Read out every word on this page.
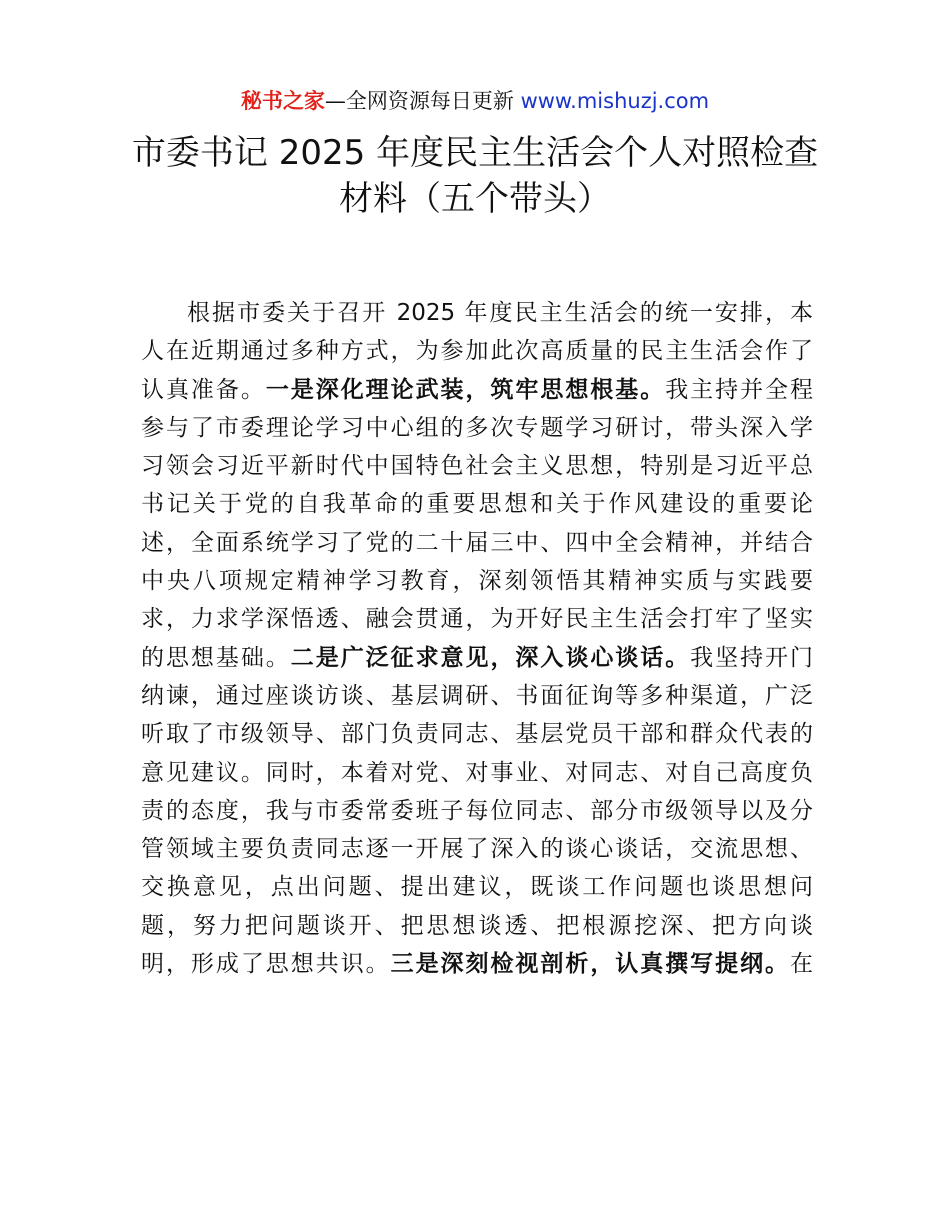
秘书之家—全网资源每日更新 www.mishuzj.com
市委书记 2025 年度民主生活会个人对照检查
材料（五个带头）
根据市委关于召开 2025 年度民主生活会的统一安排，本
人在近期通过多种方式，为参加此次高质量的民主生活会作了
认真准备。一是深化理论武装，筑牢思想根基。我主持并全程
参与了市委理论学习中心组的多次专题学习研讨，带头深入学
习领会习近平新时代中国特色社会主义思想，特别是习近平总
书记关于党的自我革命的重要思想和关于作风建设的重要论
述，全面系统学习了党的二十届三中、四中全会精神，并结合
中央八项规定精神学习教育，深刻领悟其精神实质与实践要
求，力求学深悟透、融会贯通，为开好民主生活会打牢了坚实
的思想基础。二是广泛征求意见，深入谈心谈话。我坚持开门
纳谏，通过座谈访谈、基层调研、书面征询等多种渠道，广泛
听取了市级领导、部门负责同志、基层党员干部和群众代表的
意见建议。同时，本着对党、对事业、对同志、对自己高度负
责的态度，我与市委常委班子每位同志、部分市级领导以及分
管领域主要负责同志逐一开展了深入的谈心谈话，交流思想、
交换意见，点出问题、提出建议，既谈工作问题也谈思想问
题，努力把问题谈开、把思想谈透、把根源挖深、把方向谈
明，形成了思想共识。三是深刻检视剖析，认真撰写提纲。在
